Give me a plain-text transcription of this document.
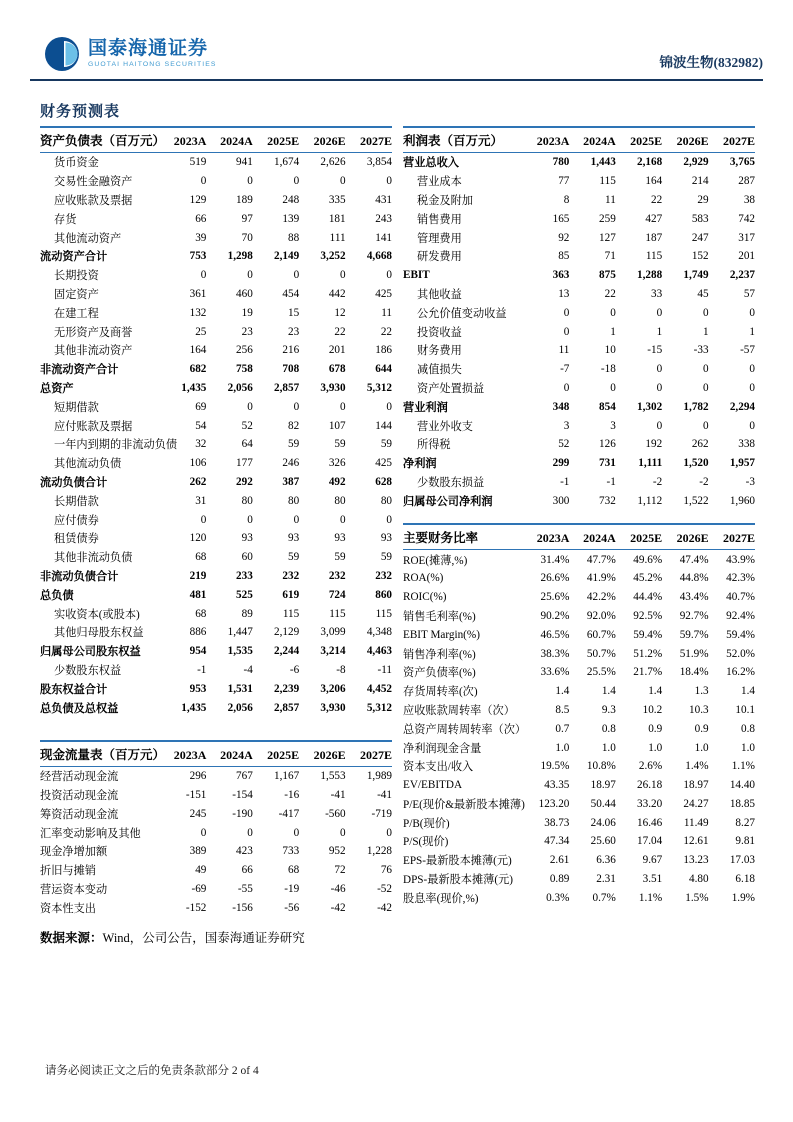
国泰海通证券
GUOTAI HAITONG SECURITIES	锦波生物(832982)
财务预测表
资产负债表（百万元） 2023A	2024A	2025E	2026E	2027E
货币资金	519	941	1,674	2,626	3,854
交易性金融资产	0	0	0	0	0
应收账款及票据	129	189	248	335	431
存货	66	97	139	181	243
其他流动资产	39	70	88	111	141
流动资产合计	753	1,298	2,149	3,252	4,668
长期投资	0	0	0	0	0
固定资产	361	460	454	442	425
在建工程	132	19	15	12	11
无形资产及商誉	25	23	23	22	22
其他非流动资产	164	256	216	201	186
非流动资产合计	682	758	708	678	644
总资产	1,435	2,056	2,857	3,930	5,312
短期借款	69	0	0	0	0
应付账款及票据	54	52	82	107	144
一年内到期的非流动负债	32	64	59	59	59
其他流动负债	106	177	246	326	425
流动负债合计	262	292	387	492	628
长期借款	31	80	80	80	80
应付债券	0	0	0	0	0
租赁债券	120	93	93	93	93
其他非流动负债	68	60	59	59	59
非流动负债合计	219	233	232	232	232
总负债	481	525	619	724	860
实收资本(或股本)	68	89	115	115	115
其他归母股东权益	886	1,447	2,129	3,099	4,348
归属母公司股东权益	954	1,535	2,244	3,214	4,463
少数股东权益	-1	-4	-6	-8	-11
股东权益合计	953	1,531	2,239	3,206	4,452
总负债及总权益	1,435	2,056	2,857	3,930	5,312
现金流量表（百万元） 2023A	2024A	2025E	2026E	2027E
经营活动现金流	296	767	1,167	1,553	1,989
投资活动现金流	-151	-154	-16	-41	-41
筹资活动现金流	245	-190	-417	-560	-719
汇率变动影响及其他	0	0	0	0	0
现金净增加额	389	423	733	952	1,228
折旧与摊销	49	66	68	72	76
营运资本变动	-69	-55	-19	-46	-52
资本性支出	-152	-156	-56	-42	-42
利润表（百万元）	2023A	2024A	2025E	2026E	2027E
营业总收入	780	1,443	2,168	2,929	3,765
营业成本	77	115	164	214	287
税金及附加	8	11	22	29	38
销售费用	165	259	427	583	742
管理费用	92	127	187	247	317
研发费用	85	71	115	152	201
EBIT	363	875	1,288	1,749	2,237
其他收益	13	22	33	45	57
公允价值变动收益	0	0	0	0	0
投资收益	0	1	1	1	1
财务费用	11	10	-15	-33	-57
减值损失	-7	-18	0	0	0
资产处置损益	0	0	0	0	0
营业利润	348	854	1,302	1,782	2,294
营业外收支	3	3	0	0	0
所得税	52	126	192	262	338
净利润	299	731	1,111	1,520	1,957
少数股东损益	-1	-1	-2	-2	-3
归属母公司净利润	300	732	1,112	1,522	1,960
主要财务比率	2023A	2024A	2025E	2026E	2027E
ROE(摊薄,%)	31.4%	47.7%	49.6%	47.4%	43.9%
ROA(%)	26.6%	41.9%	45.2%	44.8%	42.3%
ROIC(%)	25.6%	42.2%	44.4%	43.4%	40.7%
销售毛利率(%)	90.2%	92.0%	92.5%	92.7%	92.4%
EBIT Margin(%)	46.5%	60.7%	59.4%	59.7%	59.4%
销售净利率(%)	38.3%	50.7%	51.2%	51.9%	52.0%
资产负债率(%)	33.6%	25.5%	21.7%	18.4%	16.2%
存货周转率(次)	1.4	1.4	1.4	1.3	1.4
应收账款周转率（次）	8.5	9.3	10.2	10.3	10.1
总资产周转周转率（次）	0.7	0.8	0.9	0.9	0.8
净利润现金含量	1.0	1.0	1.0	1.0	1.0
资本支出/收入	19.5%	10.8%	2.6%	1.4%	1.1%
EV/EBITDA	43.35	18.97	26.18	18.97	14.40
P/E(现价&最新股本摊薄)	123.20	50.44	33.20	24.27	18.85
P/B(现价)	38.73	24.06	16.46	11.49	8.27
P/S(现价)	47.34	25.60	17.04	12.61	9.81
EPS-最新股本摊薄(元)	2.61	6.36	9.67	13.23	17.03
DPS-最新股本摊薄(元)	0.89	2.31	3.51	4.80	6.18
股息率(现价,%)	0.3%	0.7%	1.1%	1.5%	1.9%
数据来源：Wind，公司公告，国泰海通证券研究
请务必阅读正文之后的免责条款部分 2 of 4
